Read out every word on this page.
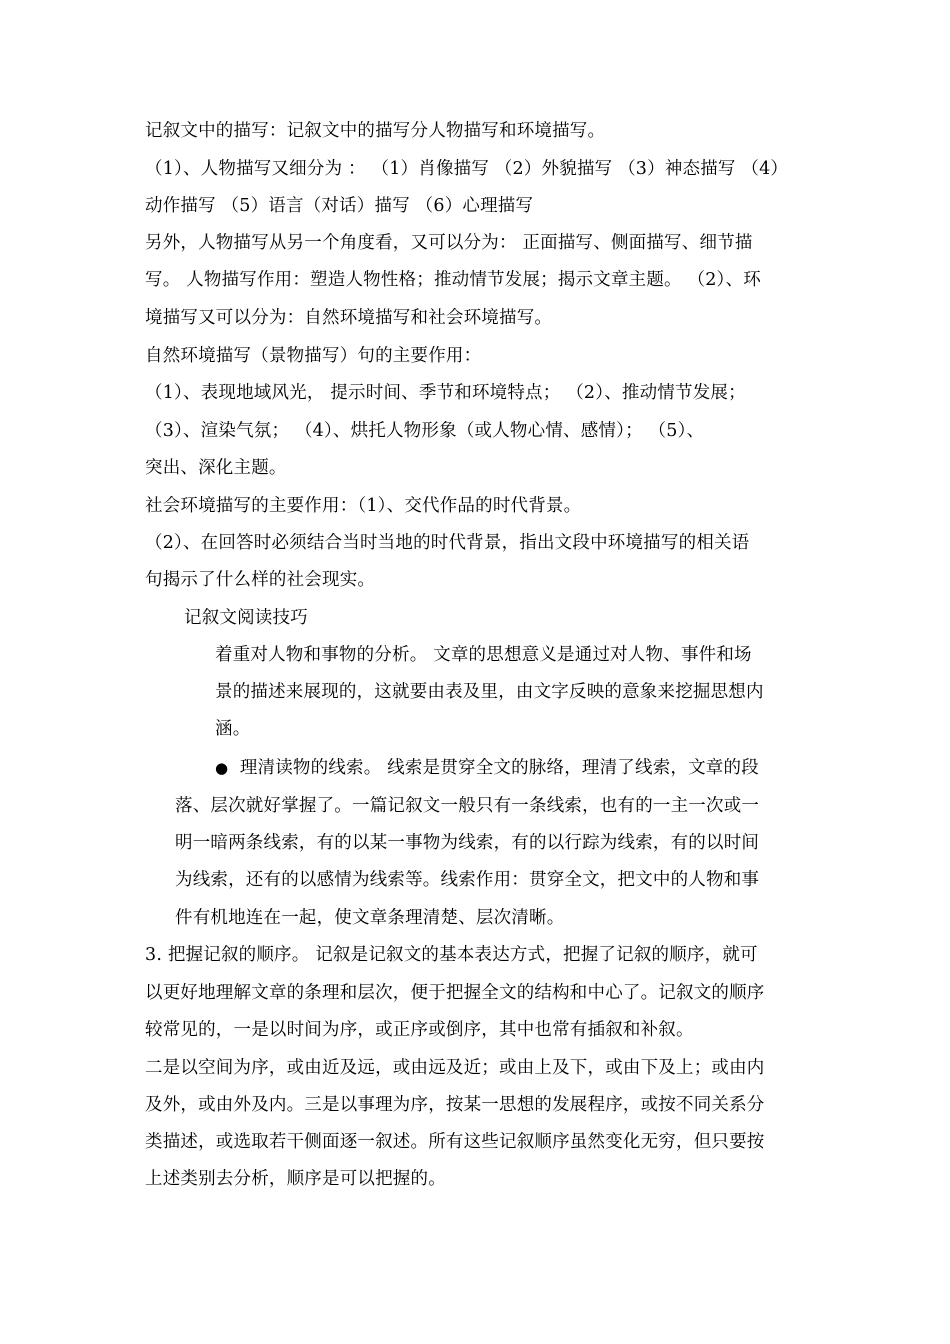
记叙文中的描写：记叙文中的描写分人物描写和环境描写。
（1）、人物描写又细分为 ： （1）肖像描写 （2）外貌描写 （3）神态描写 （4）
动作描写 （5）语言（对话）描写 （6）心理描写
另外，人物描写从另一个角度看，又可以分为： 正面描写、侧面描写、细节描
写。 人物描写作用：塑造人物性格；推动情节发展；揭示文章主题。 （2）、环
境描写又可以分为：自然环境描写和社会环境描写。
自然环境描写（景物描写）句的主要作用：
（1）、表现地域风光， 提示时间、季节和环境特点； （2）、推动情节发展；
（3）、渲染气氛； （4）、烘托人物形象（或人物心情、感情）； （5）、
突出、深化主题。
社会环境描写的主要作用：（1）、交代作品的时代背景。
（2）、在回答时必须结合当时当地的时代背景，指出文段中环境描写的相关语
句揭示了什么样的社会现实。
记叙文阅读技巧
着重对人物和事物的分析。 文章的思想意义是通过对人物、事件和场
景的描述来展现的，这就要由表及里，由文字反映的意象来挖掘思想内
涵。
● 理清读物的线索。 线索是贯穿全文的脉络，理清了线索，文章的段
落、层次就好掌握了。一篇记叙文一般只有一条线索，也有的一主一次或一
明一暗两条线索，有的以某一事物为线索，有的以行踪为线索，有的以时间
为线索，还有的以感情为线索等。线索作用：贯穿全文，把文中的人物和事
件有机地连在一起，使文章条理清楚、层次清晰。
3. 把握记叙的顺序。 记叙是记叙文的基本表达方式，把握了记叙的顺序，就可
以更好地理解文章的条理和层次，便于把握全文的结构和中心了。记叙文的顺序
较常见的，一是以时间为序，或正序或倒序，其中也常有插叙和补叙。
二是以空间为序，或由近及远，或由远及近；或由上及下，或由下及上；或由内
及外，或由外及内。三是以事理为序，按某一思想的发展程序，或按不同关系分
类描述，或选取若干侧面逐一叙述。所有这些记叙顺序虽然变化无穷，但只要按
上述类别去分析，顺序是可以把握的。
